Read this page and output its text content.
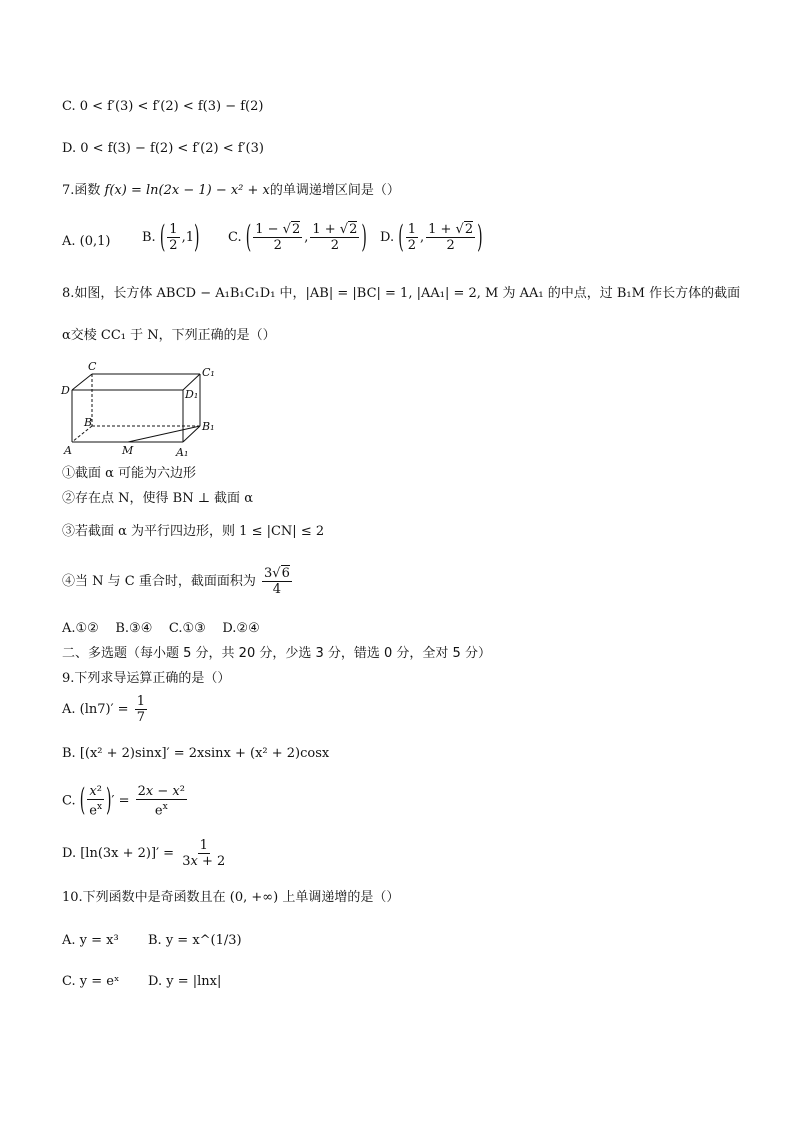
C. 0 < f′(3) < f′(2) < f(3) − f(2)
D. 0 < f(3) − f(2) < f′(2) < f′(3)
7.函数 f(x) = ln(2x − 1) − x² + x的单调递增区间是（）
A. (0,1) B. ( $\frac{1}{2} ,1$) C. ( $\frac{1 - √2}{2}$ , $\frac{1 + √2}{2}$ ) D. ( $\frac{1}{2}$ , $\frac{1 + √2}{2}$ )
8.如图，长方体 ABCD − A₁B₁C₁D₁ 中，|AB| = |BC| = 1, |AA₁| = 2, M 为 AA₁ 的中点，过 B₁M 作长方体的截面
α交棱 CC₁ 于 N，下列正确的是（）
C	C₁
D	D₁
B	B₁
A	M	A₁
①截面 α 可能为六边形
②存在点 N，使得 BN ⊥ 截面 α
③若截面 α 为平行四边形，则 1 ≤ |CN| ≤ 2
④当 N 与 C 重合时，截面面积为 $\frac{3√6}{4}$
A.①②    B.③④    C.①③    D.②④
二、多选题（每小题 5 分，共 20 分，少选 3 分，错选 0 分，全对 5 分）
9.下列求导运算正确的是（）
A. $(\ln 7)' = \frac{1}{7}$
B. [(x² + 2)sinx]′ = 2xsinx + (x² + 2)cosx
C. ( $\frac{\text{x²}}{e^x}$ )′ = $\frac{\text{2x − x²}}{e^x}$
D. $[\ln(3x + 2)]' = \frac{1}{3x + 2}$
10.下列函数中是奇函数且在 (0, +∞) 上单调递增的是（）
A. y = x³ B. y = x^(1/3)
C. y = eˣ D. y = |lnx|
